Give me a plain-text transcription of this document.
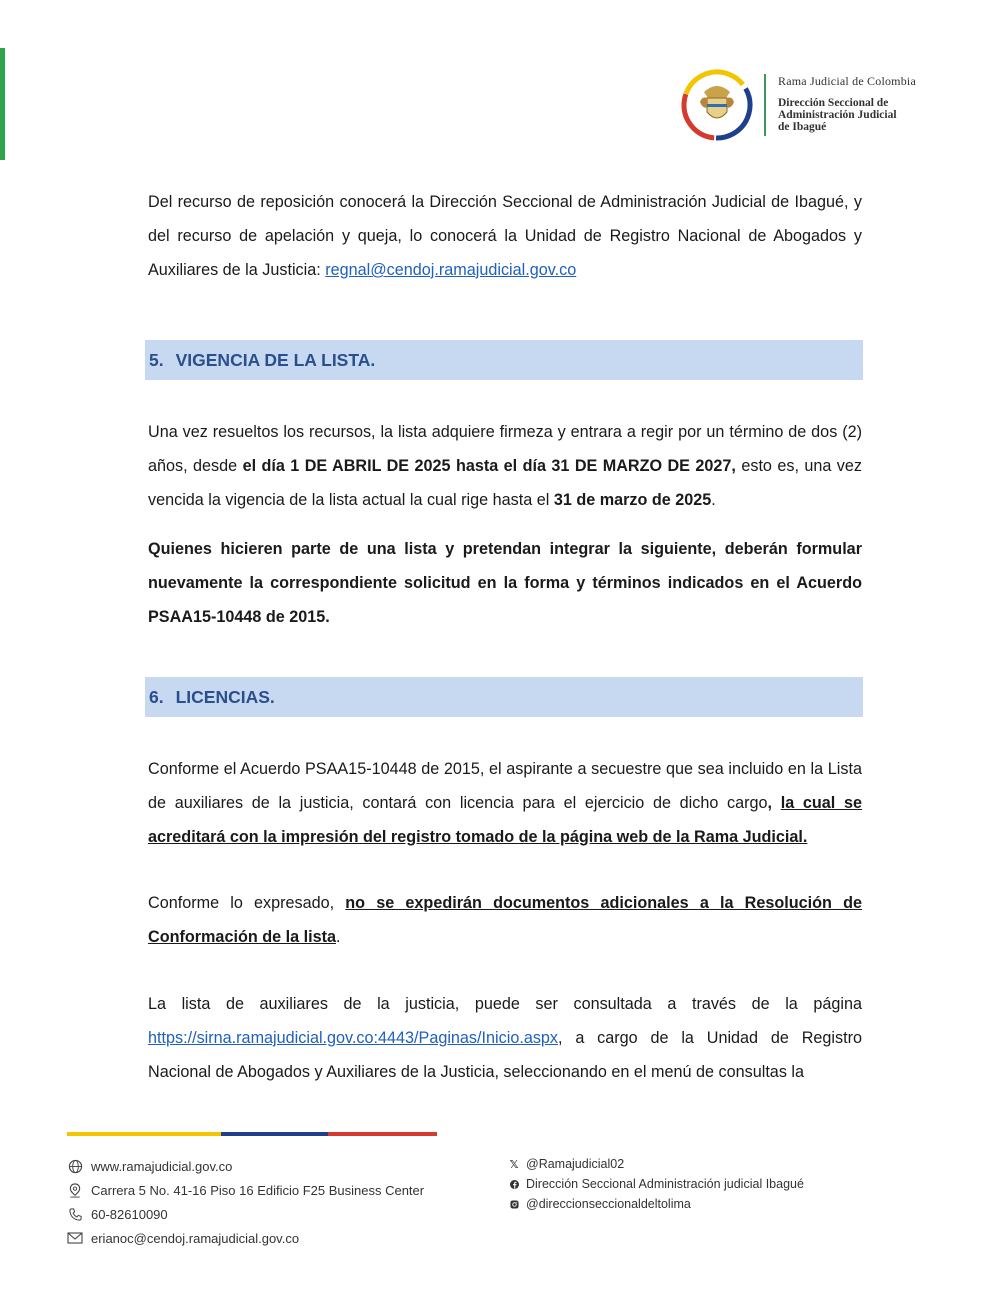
Rama Judicial de Colombia
Dirección Seccional de
Administración Judicial
de Ibagué

Del recurso de reposición conocerá la Dirección Seccional de Administración Judicial de Ibagué, y del recurso de apelación y queja, lo conocerá la Unidad de Registro Nacional de Abogados y Auxiliares de la Justicia: regnal@cendoj.ramajudicial.gov.co

5. VIGENCIA DE LA LISTA.

Una vez resueltos los recursos, la lista adquiere firmeza y entrara a regir por un término de dos (2) años, desde el día 1 DE ABRIL DE 2025 hasta el día 31 DE MARZO DE 2027, esto es, una vez vencida la vigencia de la lista actual la cual rige hasta el 31 de marzo de 2025.

Quienes hicieren parte de una lista y pretendan integrar la siguiente, deberán formular nuevamente la correspondiente solicitud en la forma y términos indicados en el Acuerdo PSAA15-10448 de 2015.

6. LICENCIAS.

Conforme el Acuerdo PSAA15-10448 de 2015, el aspirante a secuestre que sea incluido en la Lista de auxiliares de la justicia, contará con licencia para el ejercicio de dicho cargo, la cual se acreditará con la impresión del registro tomado de la página web de la Rama Judicial.

Conforme lo expresado, no se expedirán documentos adicionales a la Resolución de Conformación de la lista.

La lista de auxiliares de la justicia, puede ser consultada a través de la página https://sirna.ramajudicial.gov.co:4443/Paginas/Inicio.aspx, a cargo de la Unidad de Registro Nacional de Abogados y Auxiliares de la Justicia, seleccionando en el menú de consultas la

www.ramajudicial.gov.co
Carrera 5 No. 41-16 Piso 16 Edificio F25 Business Center
60-82610090
erianoc@cendoj.ramajudicial.gov.co
𝕏 @Ramajudicial02
Dirección Seccional Administración judicial Ibagué
@direccionseccionaldeltolima
